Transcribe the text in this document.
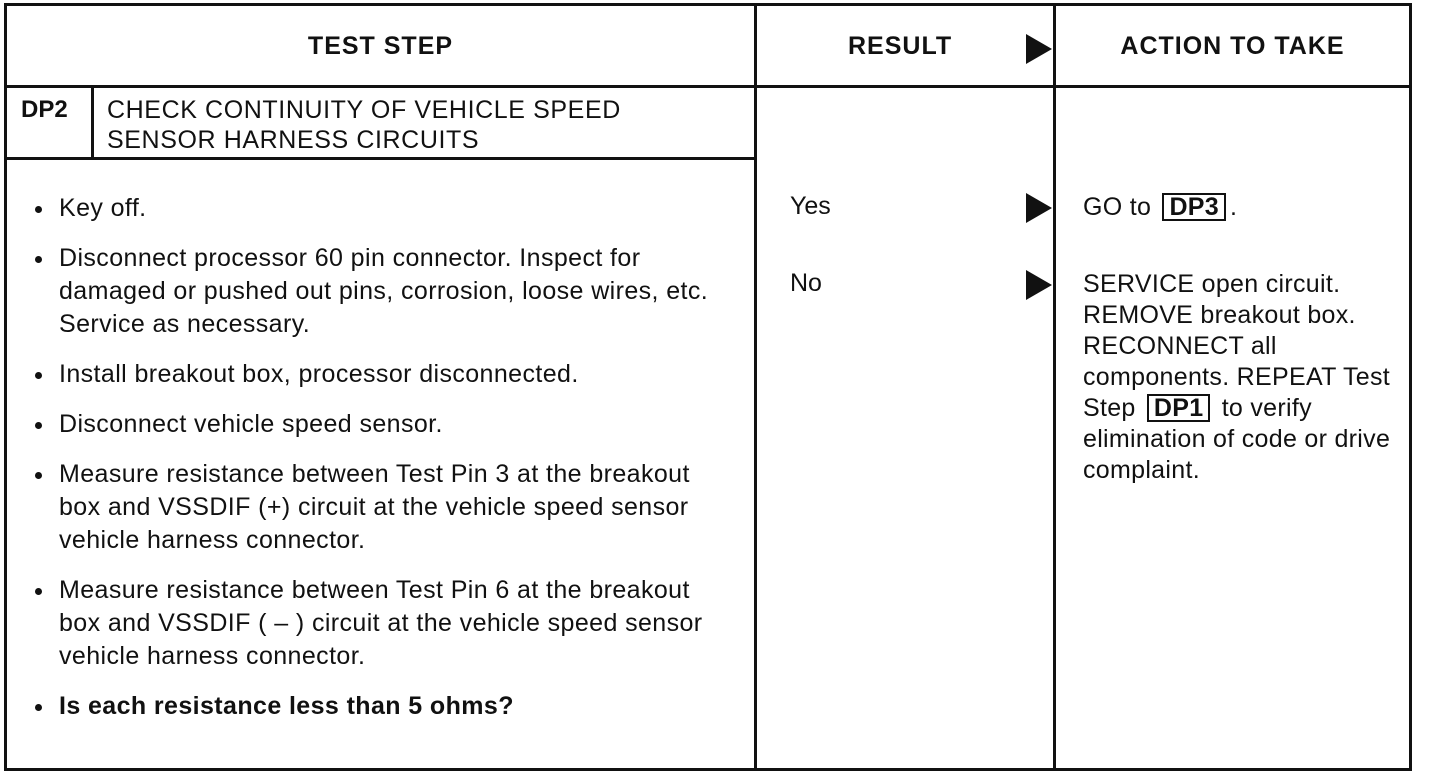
TEST STEP	RESULT	ACTION TO TAKE
DP2 CHECK CONTINUITY OF VEHICLE SPEED
SENSOR HARNESS CIRCUITS
Key off.
Disconnect processor 60 pin connector. Inspect for damaged or pushed out pins, corrosion, loose wires, etc. Service as necessary.
Install breakout box, processor disconnected.
Disconnect vehicle speed sensor.
Measure resistance between Test Pin 3 at the breakout box and VSSDIF (+) circuit at the vehicle speed sensor vehicle harness connector.
Measure resistance between Test Pin 6 at the breakout box and VSSDIF ( – ) circuit at the vehicle speed sensor vehicle harness connector.
Is each resistance less than 5 ohms?
Yes
No
GO to DP3 .
SERVICE open circuit. REMOVE breakout box. RECONNECT all components. REPEAT Test Step DP1 to verify elimination of code or drive complaint.
